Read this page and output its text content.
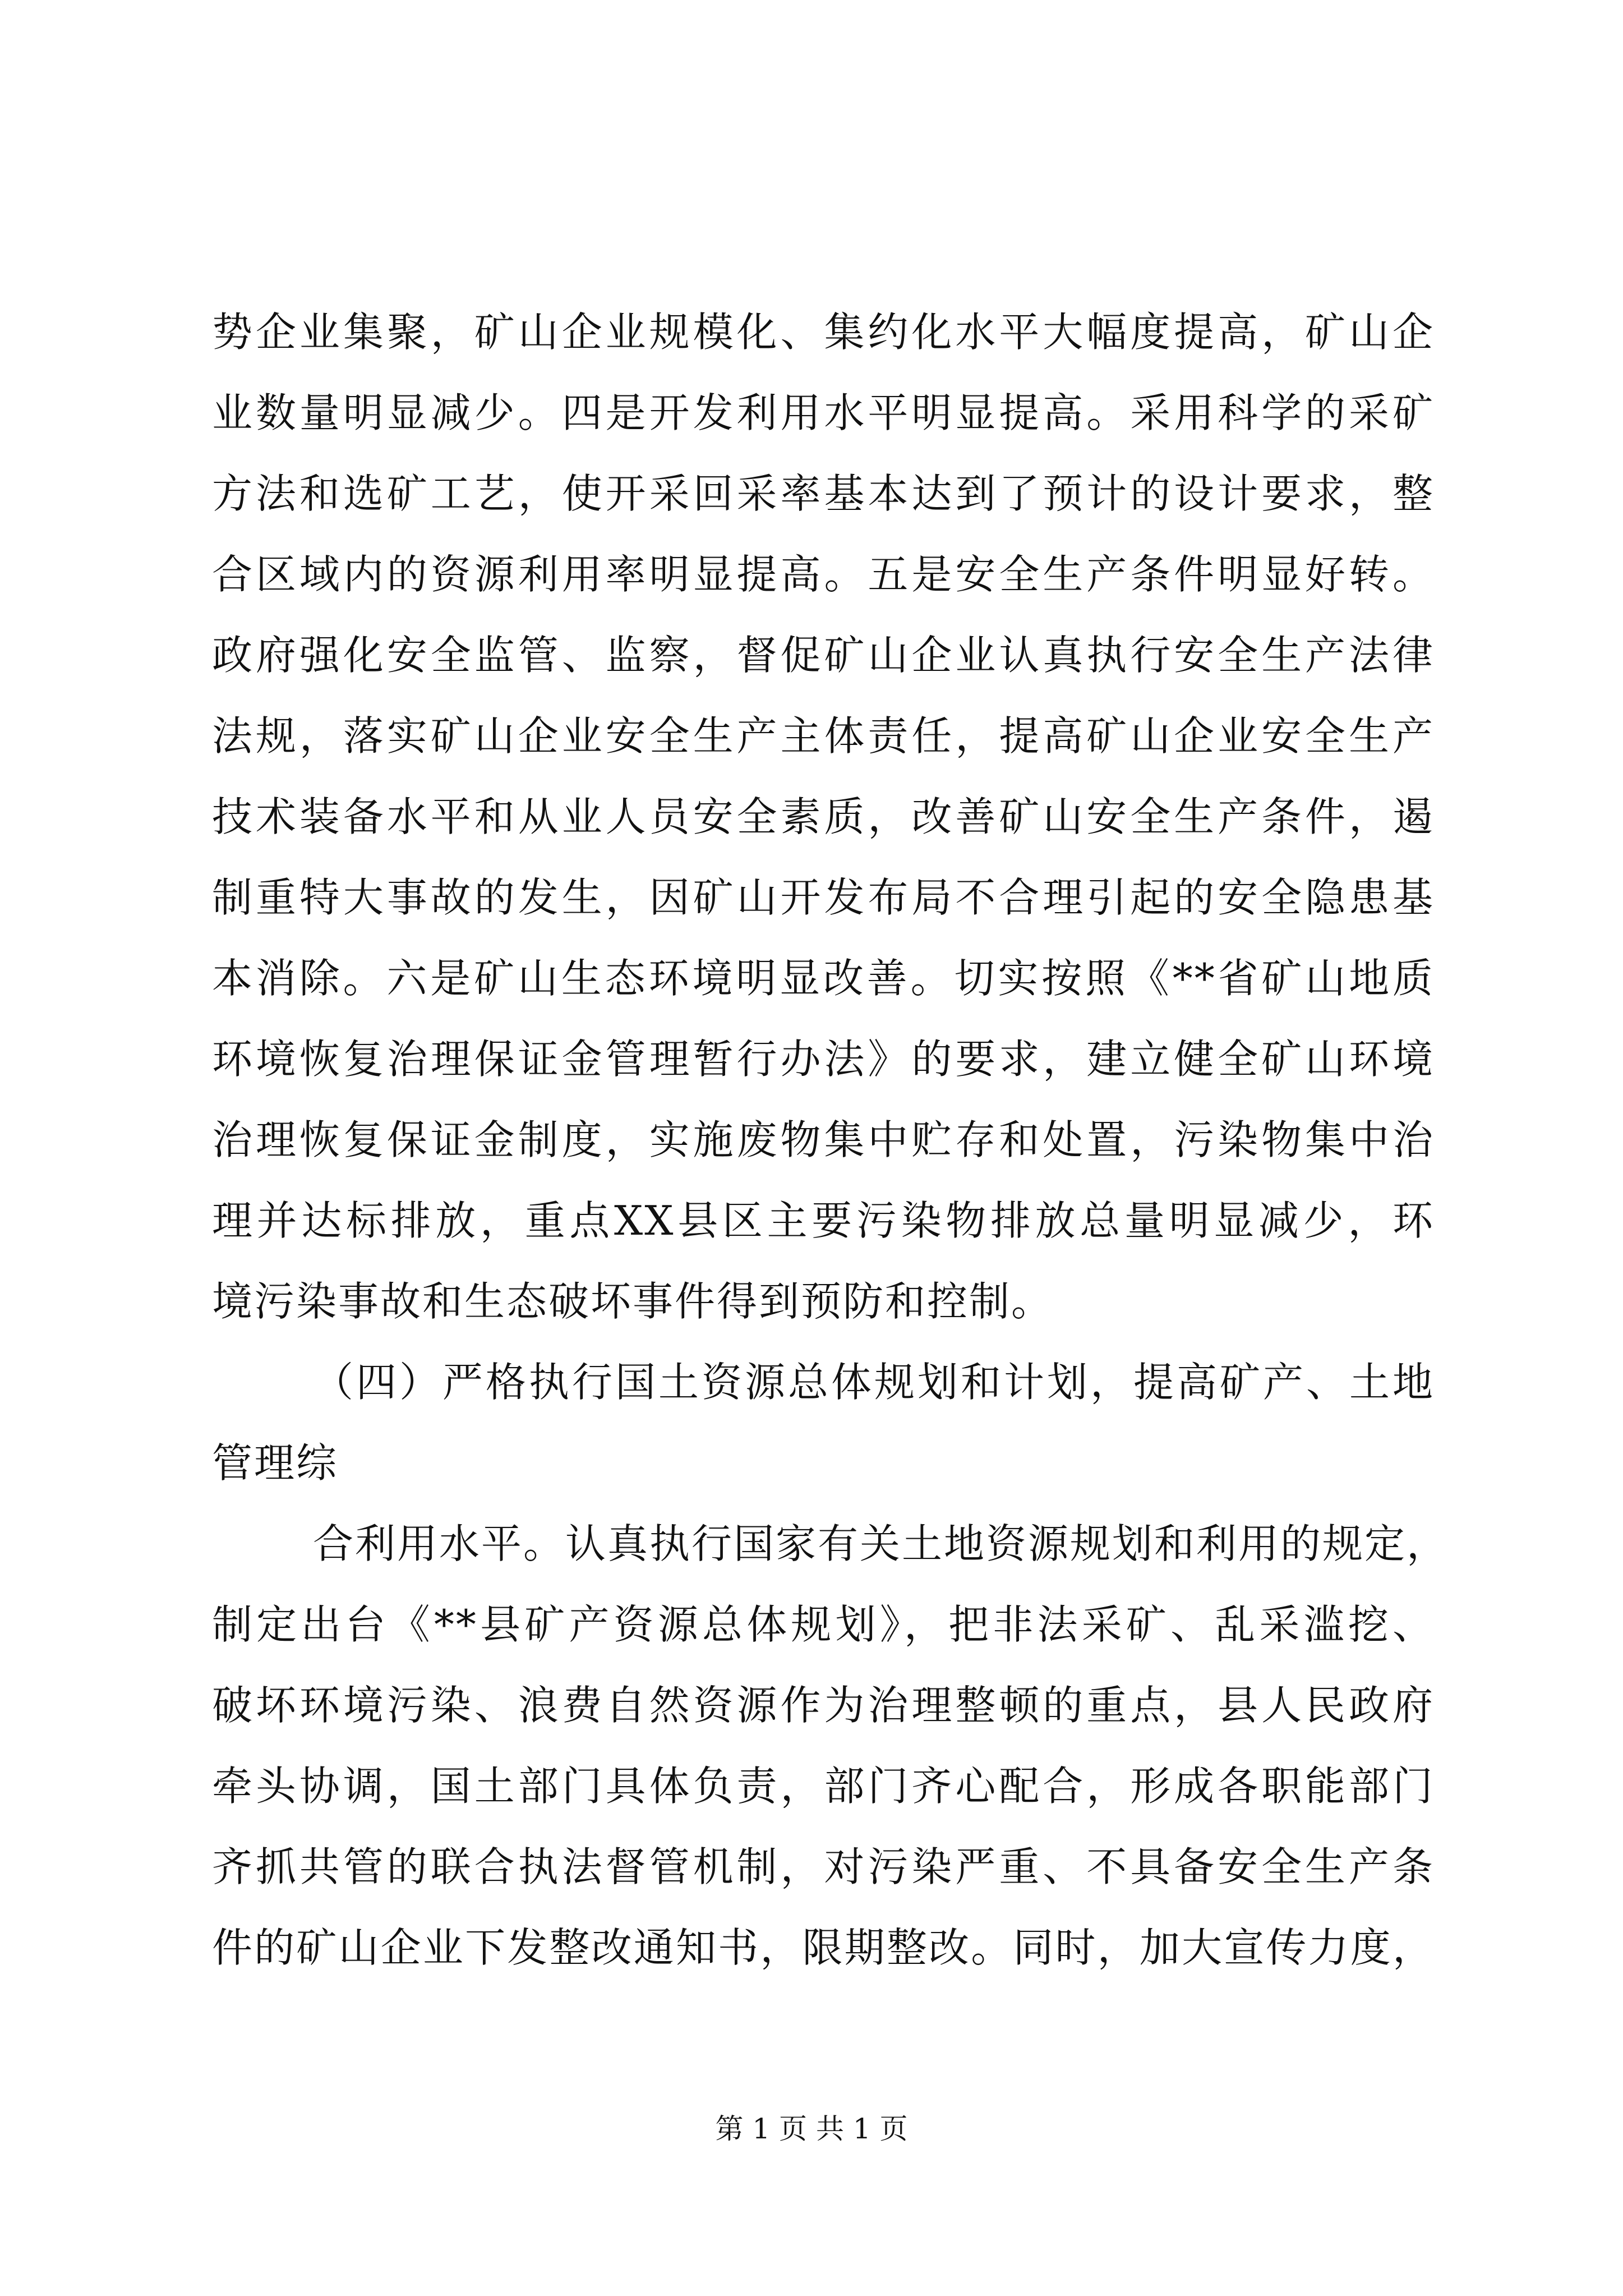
势企业集聚，矿山企业规模化、集约化水平大幅度提高，矿山企
业数量明显减少。四是开发利用水平明显提高。采用科学的采矿
方法和选矿工艺，使开采回采率基本达到了预计的设计要求，整
合区域内的资源利用率明显提高。五是安全生产条件明显好转。
政府强化安全监管、监察，督促矿山企业认真执行安全生产法律
法规，落实矿山企业安全生产主体责任，提高矿山企业安全生产
技术装备水平和从业人员安全素质，改善矿山安全生产条件，遏
制重特大事故的发生，因矿山开发布局不合理引起的安全隐患基
本消除。六是矿山生态环境明显改善。切实按照《**省矿山地质
环境恢复治理保证金管理暂行办法》的要求，建立健全矿山环境
治理恢复保证金制度，实施废物集中贮存和处置，污染物集中治
理并达标排放，重点XX县区主要污染物排放总量明显减少，环
境污染事故和生态破坏事件得到预防和控制。
（四）严格执行国土资源总体规划和计划，提高矿产、土地
管理综
合利用水平。认真执行国家有关土地资源规划和利用的规定，
制定出台《**县矿产资源总体规划》，把非法采矿、乱采滥挖、
破坏环境污染、浪费自然资源作为治理整顿的重点，县人民政府
牵头协调，国土部门具体负责，部门齐心配合，形成各职能部门
齐抓共管的联合执法督管机制，对污染严重、不具备安全生产条
件的矿山企业下发整改通知书，限期整改。同时，加大宣传力度，
第 1 页 共 1 页
